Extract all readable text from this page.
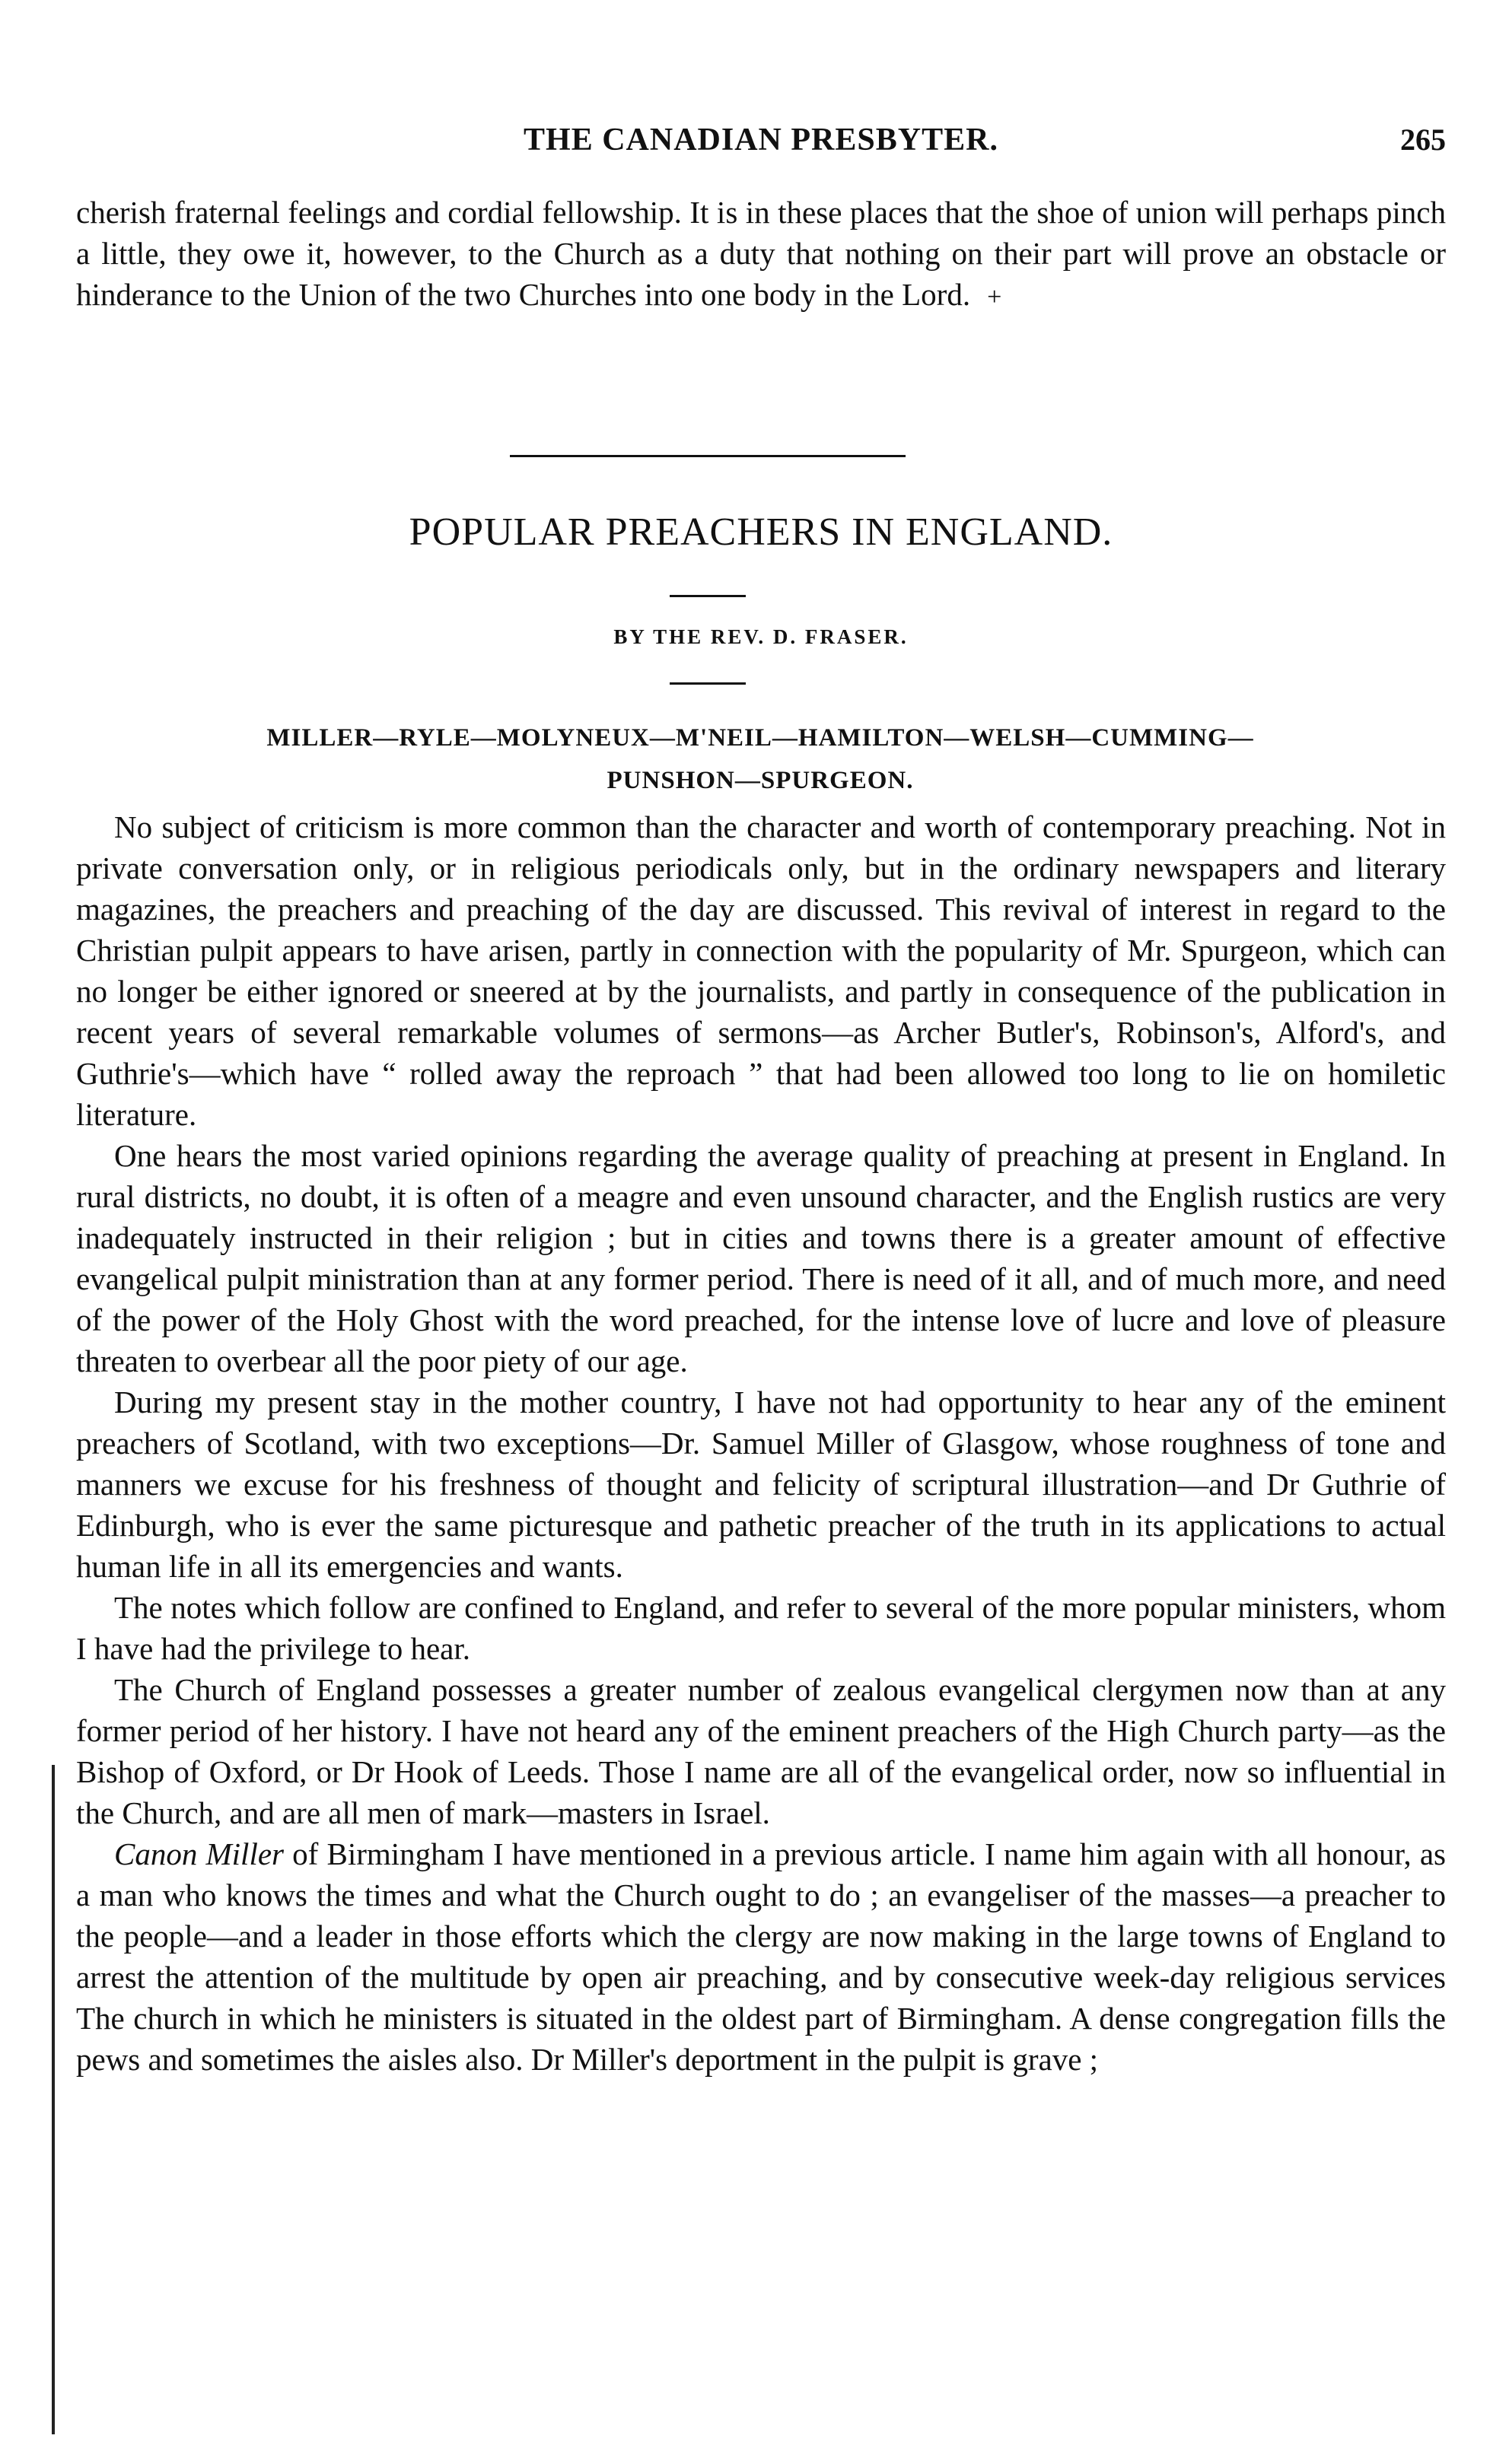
THE CANADIAN PRESBYTER.	265

cherish fraternal feelings and cordial fellowship. It is in these places that the shoe of union will perhaps pinch a little, they owe it, however, to the Church as a duty that nothing on their part will prove an obstacle or hinderance to the Union of the two Churches into one body in the Lord. +

POPULAR PREACHERS IN ENGLAND.
BY THE REV. D. FRASER.
MILLER—RYLE—MOLYNEUX—M'NEIL—HAMILTON—WELSH—CUMMING—
PUNSHON—SPURGEON.

No subject of criticism is more common than the character and worth of contemporary preaching. Not in private conversation only, or in religious periodicals only, but in the ordinary newspapers and literary magazines, the preachers and preaching of the day are discussed. This revival of interest in regard to the Christian pulpit appears to have arisen, partly in connection with the popularity of Mr. Spurgeon, which can no longer be either ignored or sneered at by the journalists, and partly in consequence of the publication in recent years of several remarkable volumes of sermons—as Archer Butler's, Robinson's, Alford's, and Guthrie's—which have “ rolled away the reproach ” that had been allowed too long to lie on homiletic literature.

One hears the most varied opinions regarding the average quality of preaching at present in England. In rural districts, no doubt, it is often of a meagre and even unsound character, and the English rustics are very inadequately instructed in their religion ; but in cities and towns there is a greater amount of effective evangelical pulpit ministration than at any former period. There is need of it all, and of much more, and need of the power of the Holy Ghost with the word preached, for the intense love of lucre and love of pleasure threaten to overbear all the poor piety of our age.

During my present stay in the mother country, I have not had opportunity to hear any of the eminent preachers of Scotland, with two exceptions—Dr. Samuel Miller of Glasgow, whose roughness of tone and manners we excuse for his freshness of thought and felicity of scriptural illustration—and Dr Guthrie of Edinburgh, who is ever the same picturesque and pathetic preacher of the truth in its applications to actual human life in all its emergencies and wants.

The notes which follow are confined to England, and refer to several of the more popular ministers, whom I have had the privilege to hear.

The Church of England possesses a greater number of zealous evangelical clergymen now than at any former period of her history. I have not heard any of the eminent preachers of the High Church party—as the Bishop of Oxford, or Dr Hook of Leeds. Those I name are all of the evangelical order, now so influential in the Church, and are all men of mark—masters in Israel.

Canon Miller of Birmingham I have mentioned in a previous article. I name him again with all honour, as a man who knows the times and what the Church ought to do ; an evangeliser of the masses—a preacher to the people—and a leader in those efforts which the clergy are now making in the large towns of England to arrest the attention of the multitude by open air preaching, and by consecutive week-day religious services The church in which he ministers is situated in the oldest part of Birmingham. A dense congregation fills the pews and sometimes the aisles also. Dr Miller's deportment in the pulpit is grave ;
